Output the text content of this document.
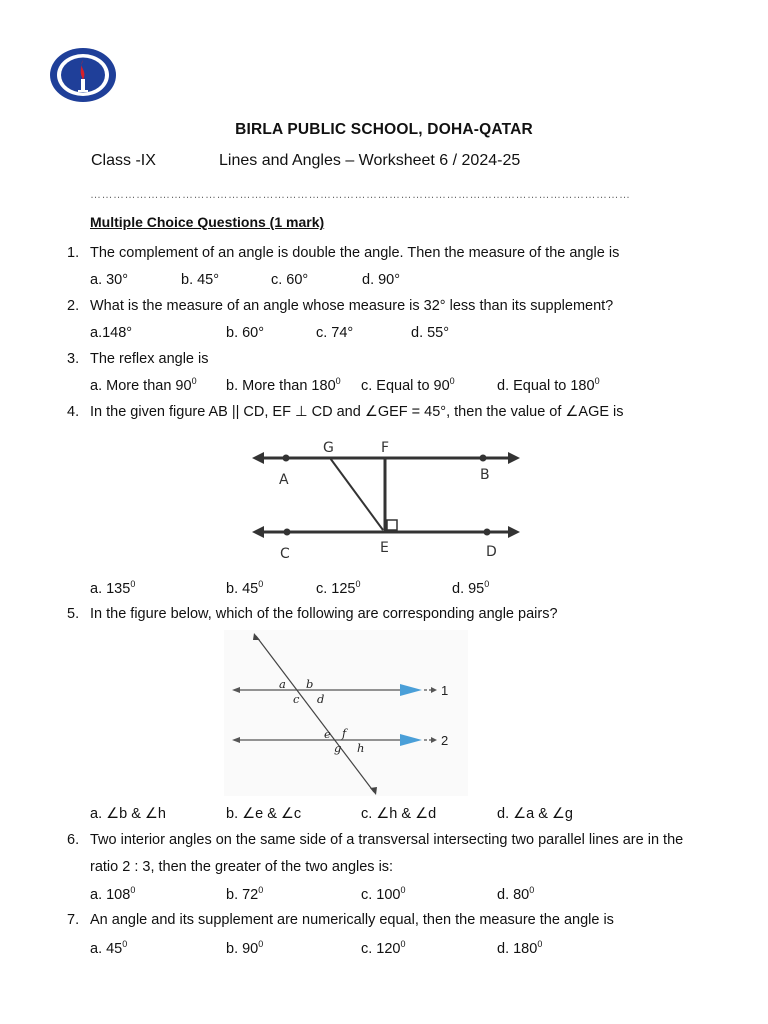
BIRLA PUBLIC SCHOOL, DOHA-QATAR
Class -IX	Lines and Angles – Worksheet 6 / 2024-25
……………………………………………………………………………………………………………………………
Multiple Choice Questions (1 mark)
1. The complement of an angle is double the angle. Then the measure of the angle is
a. 30°	b. 45°	c. 60°	d. 90°
2. What is the measure of an angle whose measure is 32° less than its supplement?
a.148°	b. 60°	c. 74°	d. 55°
3. The reflex angle is
a. More than $90^0$ b. More than $180^0$ c. Equal to $90^0$	d. Equal to $180^0$
4. In the given figure AB || CD, EF ⊥ CD and ∠GEF = 45°, then the value of ∠AGE is
A	B
C	D
E
F
G
a. $135^0$	b. $45^0$	c. $125^0$	d. $95^0$
5. In the figure below, which of the following are corresponding angle pairs?
a b
c d
e f
g h
1
2
a. ∠b & ∠h	b. ∠e & ∠c	c. ∠h & ∠d	d. ∠a & ∠g
6. Two interior angles on the same side of a transversal intersecting two parallel lines are in the
ratio 2 : 3, then the greater of the two angles is:
a. $108^0$	b. $72^0$	c. $100^0$	d. $80^0$
7. An angle and its supplement are numerically equal, then the measure the angle is
a. $45^0$	b. $90^0$	c. $120^0$	d. $180^0$
